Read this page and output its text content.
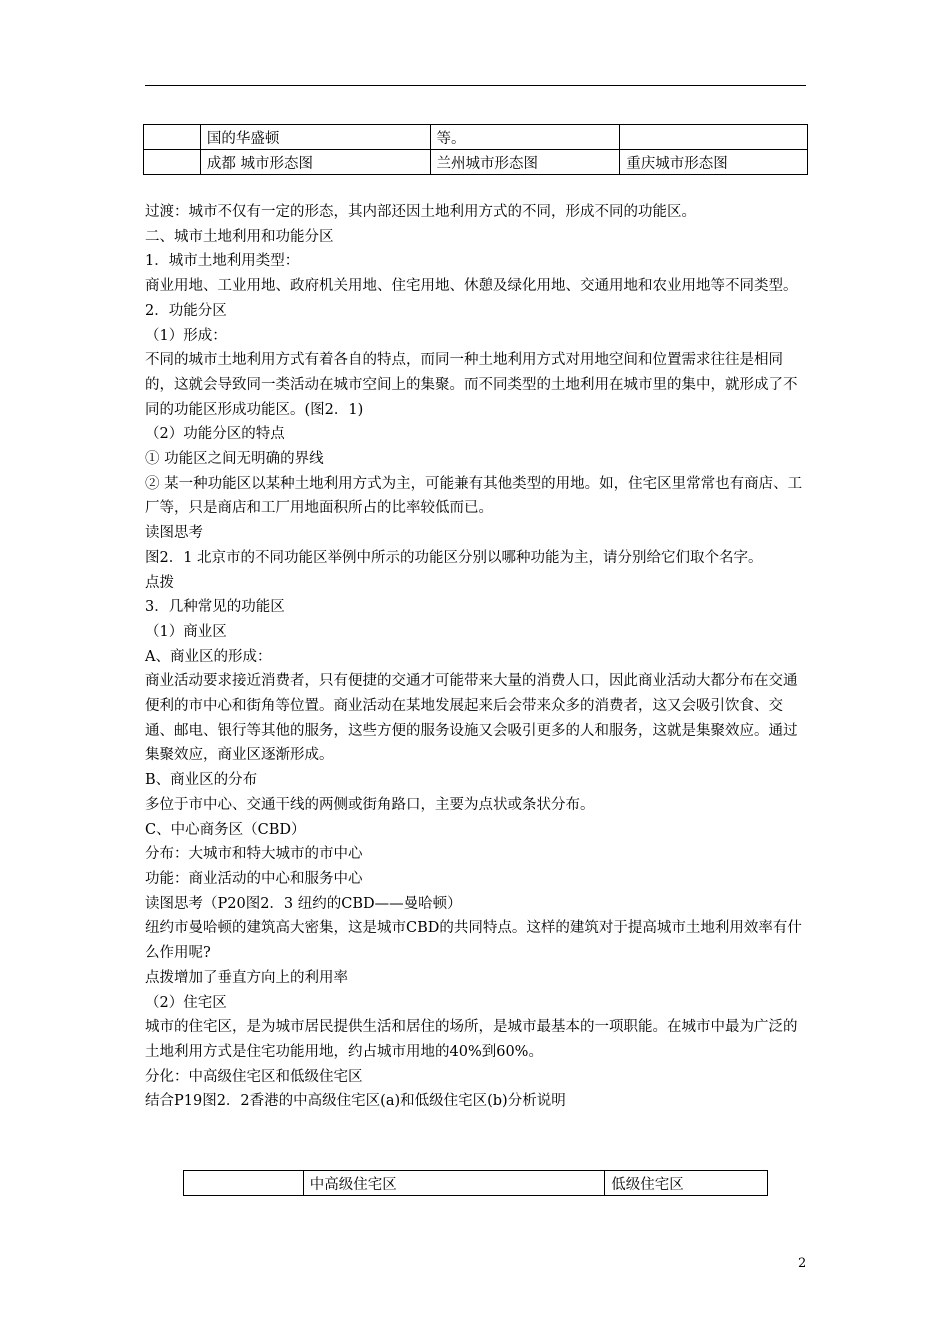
	国的华盛顿	等。	
	成都 城市形态图	兰州城市形态图	重庆城市形态图

过渡：城市不仅有一定的形态，其内部还因土地利用方式的不同，形成不同的功能区。

二、城市土地利用和功能分区

1．城市土地利用类型：

商业用地、工业用地、政府机关用地、住宅用地、休憩及绿化用地、交通用地和农业用地等不同类型。

2．功能分区

（1）形成：

不同的城市土地利用方式有着各自的特点，而同一种土地利用方式对用地空间和位置需求往往是相同的，这就会导致同一类活动在城市空间上的集聚。而不同类型的土地利用在城市里的集中，就形成了不同的功能区形成功能区。(图2．1)

（2）功能分区的特点

① 功能区之间无明确的界线

② 某一种功能区以某种土地利用方式为主，可能兼有其他类型的用地。如，住宅区里常常也有商店、工厂等，只是商店和工厂用地面积所占的比率较低而已。

读图思考

图2．1 北京市的不同功能区举例中所示的功能区分别以哪种功能为主，请分别给它们取个名字。

点拨

3．几种常见的功能区

（1）商业区

A、商业区的形成：

商业活动要求接近消费者，只有便捷的交通才可能带来大量的消费人口，因此商业活动大都分布在交通便利的市中心和街角等位置。商业活动在某地发展起来后会带来众多的消费者，这又会吸引饮食、交通、邮电、银行等其他的服务，这些方便的服务设施又会吸引更多的人和服务，这就是集聚效应。通过集聚效应，商业区逐渐形成。

B、商业区的分布

多位于市中心、交通干线的两侧或街角路口，主要为点状或条状分布。

C、中心商务区（CBD）

分布：大城市和特大城市的市中心

功能：商业活动的中心和服务中心

读图思考（P20图2．3 纽约的CBD——曼哈顿）

纽约市曼哈顿的建筑高大密集，这是城市CBD的共同特点。这样的建筑对于提高城市土地利用效率有什么作用呢?

点拨增加了垂直方向上的利用率

（2）住宅区

城市的住宅区，是为城市居民提供生活和居住的场所，是城市最基本的一项职能。在城市中最为广泛的土地利用方式是住宅功能用地，约占城市用地的40%到60%。

分化：中高级住宅区和低级住宅区

结合P19图2．2香港的中高级住宅区(a)和低级住宅区(b)分析说明

	中高级住宅区	低级住宅区
2
